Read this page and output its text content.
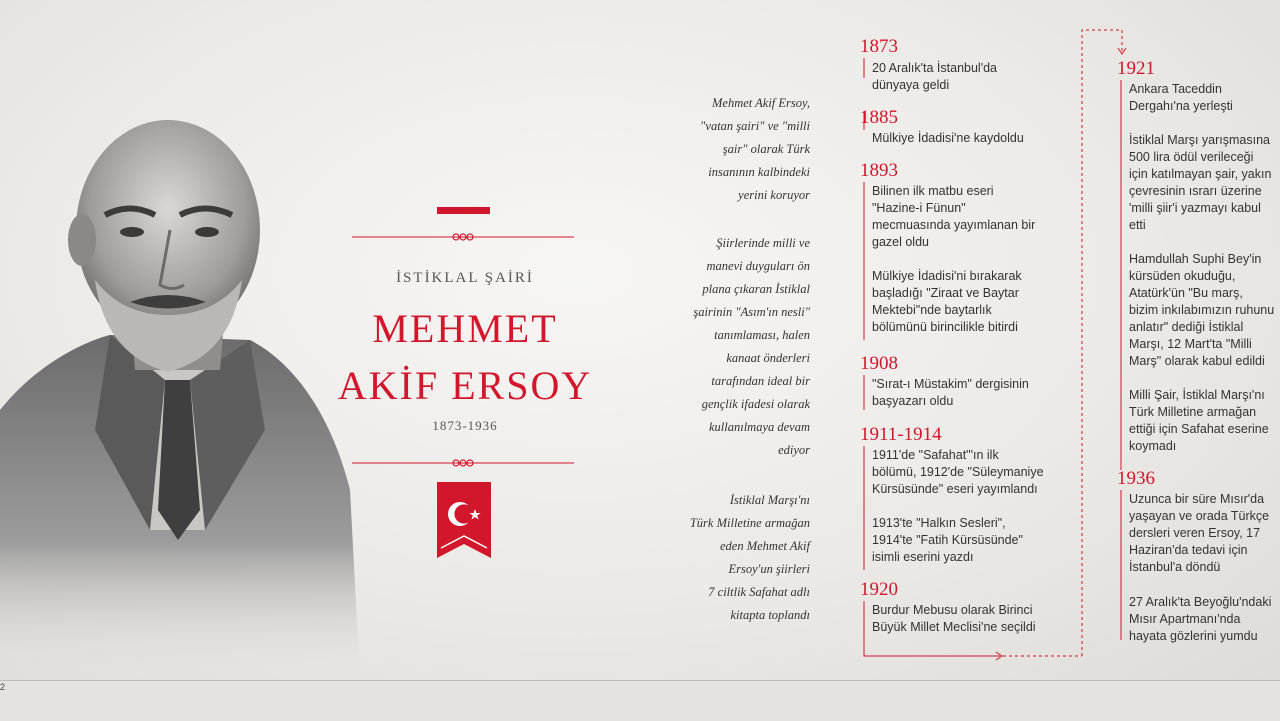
İSTİKLAL ŞAİRİ
MEHMET
AKİF ERSOY
1873-1936
Mehmet Akif Ersoy,
"vatan şairi" ve "milli
şair" olarak Türk
insanının kalbindeki
yerini koruyor
Şiirlerinde milli ve
manevi duyguları ön
plana çıkaran İstiklal
şairinin "Asım'ın nesli"
tanımlaması, halen
kanaat önderleri
tarafından ideal bir
gençlik ifadesi olarak
kullanılmaya devam
ediyor
İstiklal Marşı'nı
Türk Milletine armağan
eden Mehmet Akif
Ersoy'un şiirleri
7 ciltlik Safahat adlı
kitapta toplandı
1873
20 Aralık'ta İstanbul'da
dünyaya geldi
1885
Mülkiye İdadisi'ne kaydoldu
1893
Bilinen ilk matbu eseri
"Hazine-i Fünun"
mecmuasında yayımlanan bir
gazel oldu
Mülkiye İdadisi'ni bırakarak
başladığı "Ziraat ve Baytar
Mektebi"nde baytarlık
bölümünü birincilikle bitirdi
1908
"Sırat-ı Müstakim" dergisinin
başyazarı oldu
1911-1914
1911'de "Safahat"'ın ilk
bölümü, 1912'de "Süleymaniye
Kürsüsünde" eseri yayımlandı
1913'te "Halkın Sesleri",
1914'te "Fatih Kürsüsünde"
isimli eserini yazdı
1920
Burdur Mebusu olarak Birinci
Büyük Millet Meclisi'ne seçildi
1921
Ankara Taceddin
Dergahı'na yerleşti
İstiklal Marşı yarışmasına
500 lira ödül verileceği
için katılmayan şair, yakın
çevresinin ısrarı üzerine
'milli şiir'i yazmayı kabul
etti
Hamdullah Suphi Bey'in
kürsüden okuduğu,
Atatürk'ün "Bu marş,
bizim inkılabımızın ruhunu
anlatır" dediği İstiklal
Marşı, 12 Mart'ta "Milli
Marş" olarak kabul edildi
Milli Şair, İstiklal Marşı'nı
Türk Milletine armağan
ettiği için Safahat eserine
koymadı
1936
Uzunca bir süre Mısır'da
yaşayan ve orada Türkçe
dersleri veren Ersoy, 17
Haziran'da tedavi için
İstanbul'a döndü
27 Aralık'ta Beyoğlu'ndaki
Mısır Apartmanı'nda
hayata gözlerini yumdu
2
